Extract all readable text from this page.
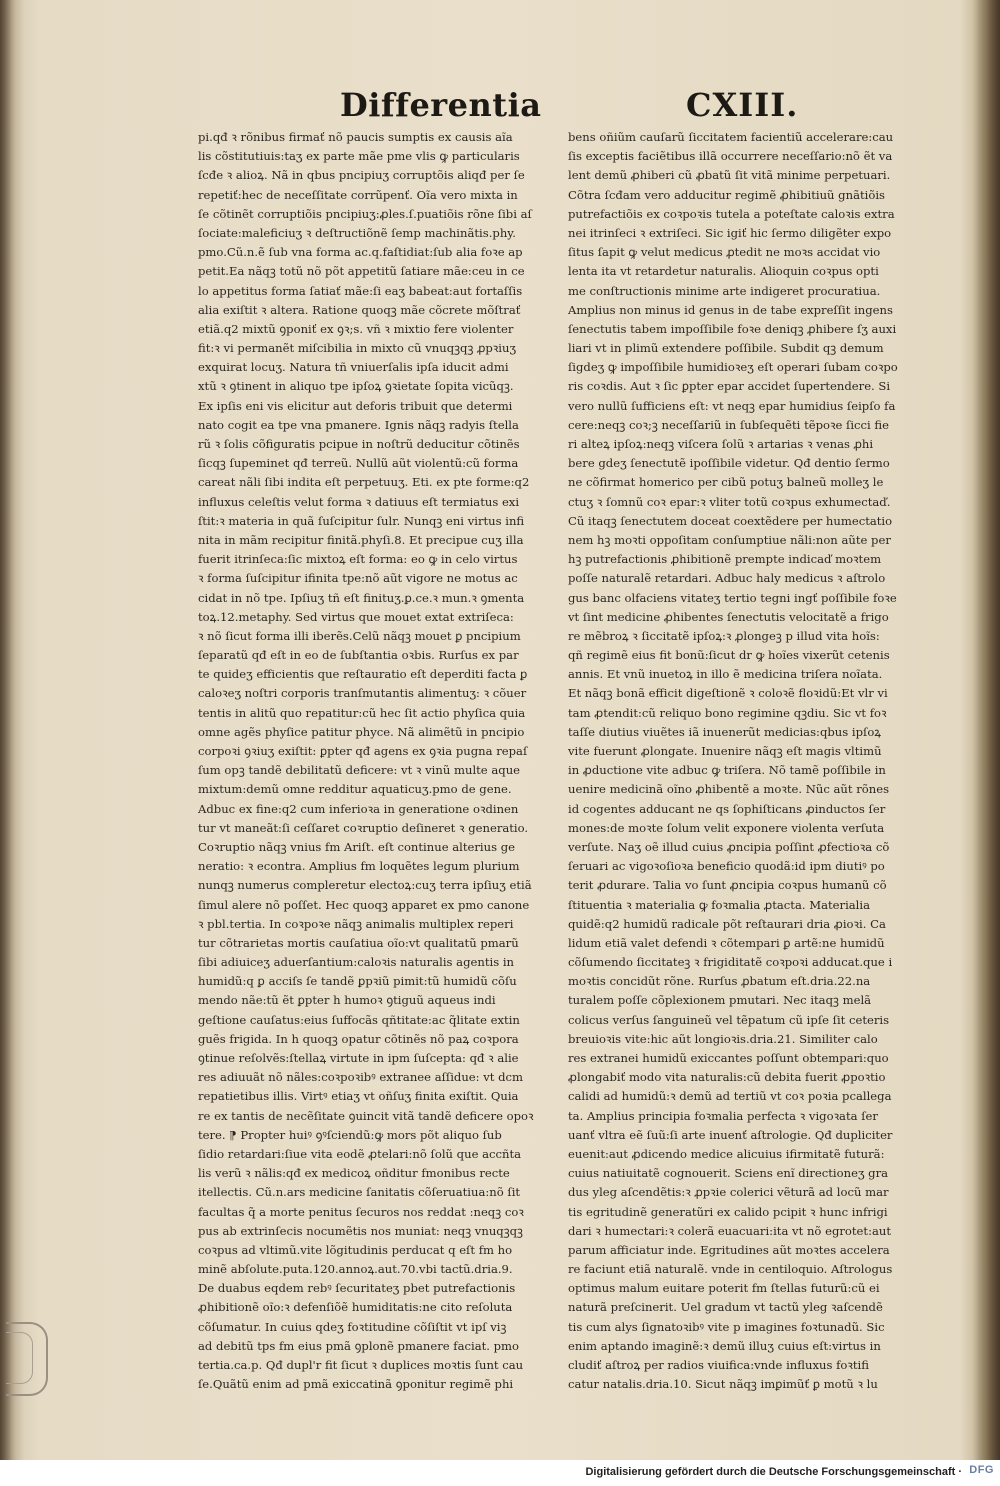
Differentia	CXIII.
pi.qđ ꝛ rõnibus firmať nõ paucis sumptis ex causis aĩa
lis cõstitutiuis:taʒ ex parte mãe pme vlis ꝙ particularis
ſcđe ꝛ alioꝝ. Nã in qbus pncipiuʒ corruptõis aliqđ per ſe
repetiť:hec de neceſſitate corrũpenť. Oĩa vero mixta in
ſe cõtinẽt corruptiõis pncipiuʒ:ꝓles.ſ.puatiõis rõne ſibi aſ
ſociate:maleficiuʒ ꝛ deſtructiõnẽ ſemp machinãtis.phy.
pmo.Cũ.n.ẽ ſub vna forma ac.q.faſtidiat:ſub alia foꝛe ap
petit.Ea nãqꝫ totũ nõ põt appetitũ ſatiare mãe:ceu in ce
lo appetitus forma ſatiať mãe:ſi eaʒ babeat:aut fortaſſis
alia exiſtit ꝛ altera. Ratione quoqꝫ mãe cõcrete mõſtrať
etiã.q2 mixtũ ꝯponiť ex ꝯꝛ;s. vñ ꝛ mixtio fere violenter
fit:ꝛ vi permanẽt miſcibilia in mixto cũ vnuqꝫqꝫ ꝓpꝛiuʒ
exquirat locuʒ. Natura tñ vniuerſalis ipſa iducit admi
xtũ ꝛ ꝯtinent in aliquo tpe ipſoꝝ ꝯꝛietate ſopita vicũqꝫ.
Ex ipſis eni vis elicitur aut deforis tribuit que determi
nato cogit ea tpe vna pmanere. Ignis nãqꝫ radyis ſtella
rũ ꝛ ſolis cõfiguratis pcipue in noſtrũ deducitur cõtinẽs
ſicqꝫ ſupeminet qđ terreũ. Nullũ aũt violentũ:cũ forma
careat nãli ſibi indita eſt perpetuuʒ. Eti. ex pte forme:q2
influxus celeſtis velut forma ꝛ datiuus eſt termiatus exi
ſtit:ꝛ materia in quã ſuſcipitur ſulr. Nunqꝫ eni virtus infi
nita in mãm recipitur finitã.phyſi.8. Et precipue cuʒ illa
fuerit itrinſeca:ſic mixtoꝝ eſt forma: eo ꝙ in celo virtus
ꝛ forma ſuſcipitur ifinita tpe:nõ aũt vigore ne motus ac
cidat in nõ tpe. Ipſiuʒ tñ eſt finituʒ.ꝑ.ce.ꝛ mun.ꝛ ꝯmenta
toꝝ.12.metaphy. Sed virtus que mouet extat extriſeca:
ꝛ nõ ſicut forma illi iberẽs.Celũ nãqꝫ mouet ꝑ pncipium
ſeparatũ qđ eſt in eo de ſubſtantia oꝛbis. Rurſus ex par
te quideʒ efficientis que reſtauratio eſt deperditi facta ꝑ
caloꝛeʒ noſtri corporis tranſmutantis alimentuʒ: ꝛ cõuer
tentis in alitũ quo repatitur:cũ hec ſit actio phyſica quia
omne agẽs phyſice patitur phyce. Nã alimẽtũ in pncipio
corpoꝛi ꝯꝛiuʒ exiſtit: ꝑpter qđ agens ex ꝯꝛia pugna repaſ
ſum opꝫ tandẽ debilitatũ deficere: vt ꝛ vinũ multe aque
mixtum:demũ omne redditur aquaticuʒ.pmo de gene.
Adbuc ex fine:q2 cum inferioꝛa in generatione oꝛdinen
tur vt maneãt:ſi ceſſaret coꝛruptio deſineret ꝛ generatio.
Coꝛruptio nãqꝫ vnius fm Ariſt. eſt continue alterius ge
neratio: ꝛ econtra. Amplius fm loquẽtes legum plurium
nunqꝫ numerus compleretur electoꝝ:cuʒ terra ipſiuʒ etiã
ſimul alere nõ poſſet. Hec quoqꝫ apparet ex pmo canone
ꝛ pbl.tertia. In coꝛpoꝛe nãqꝫ animalis multiplex reperi
tur cõtrarietas mortis cauſatiua oĩo:vt qualitatũ pmarũ
ſibi adiuiceʒ aduerſantium:caloꝛis naturalis agentis in
humidũ:q ꝑ acciſs ſe tandẽ ꝑpꝛiũ pimit:tũ humidũ cõſu
mendo nãe:tũ ẽt ꝑpter h humoꝛ ꝯtiguũ aqueus indi
geſtione cauſatus:eius ſuffocãs qñtitate:ac q̃litate extin
guẽs frigida. In h quoqꝫ opatur cõtinẽs nõ paꝝ coꝛpora
ꝯtinue reſolvẽs:ſtellaꝝ virtute in ipm ſuſcepta: qđ ꝛ alie
res adiuuãt nõ nãles:coꝛpoꝛibꝰ extranee aſſidue: vt dcm
repatietibus illis. Virtꝰ etiaʒ vt oñſuʒ finita exiſtit. Quia
re ex tantis de necẽſitate ꝯuincit vitã tandẽ deficere opoꝛ
tere. ⁋ Propter huiꝰ ꝯꝰſciendũ:ꝙ mors põt aliquo ſub
ſidio retardari:ſiue vita eodẽ ꝓtelari:nõ ſolũ que accñta
lis verũ ꝛ nãlis:qđ ex medicoꝝ oñditur fmonibus recte
itellectis. Cũ.n.ars medicine ſanitatis cõſeruatiua:nõ ſit
facultas q̃ a morte penitus ſecuros nos reddat :neqꝫ coꝛ
pus ab extrinſecis nocumẽtis nos muniat: neqꝫ vnuqꝫqꝫ
coꝛpus ad vltimũ.vite lõgitudinis perducat q eſt fm ho
minẽ abſolute.puta.120.annoꝝ.aut.70.vbi tactũ.dria.9.
De duabus eqdem rebꝰ ſecuritateʒ pbet putrefactionis
ꝓhibitionẽ oĩo:ꝛ defenſiõẽ humiditatis:ne cito reſoluta
cõſumatur. In cuius qdeʒ foꝛtitudine cõſiſtit vt ipſ viꝫ
ad debitũ tps fm eius pmã ꝯplonẽ pmanere faciat. pmo
tertia.ca.p. Qđ dupl'r fit ſicut ꝛ duplices moꝛtis ſunt cau
ſe.Quãtũ enim ad pmã exiccatinã ꝯponitur regimẽ phi
bens oñiũm cauſarũ ſiccitatem facientiũ accelerare:cau
ſis exceptis faciẽtibus illã occurrere neceſſario:nõ ẽt va
lent demũ ꝓhiberi cũ ꝓbatũ ſit vitã minime perpetuari.
Cõtra ſcđam vero adducitur regimẽ ꝓhibitiuũ gnãtiõis
putrefactiõis ex coꝛpoꝛis tutela a poteſtate caloꝛis extra
nei itrinſeci ꝛ extriſeci. Sic igiť hic ſermo diligẽter expo
ſitus ſapit ꝙ velut medicus ꝓtedit ne moꝛs accidat vio
lenta ita vt retardetur naturalis. Alioquin coꝛpus opti
me conſtructionis minime arte indigeret procuratiua.
Amplius non minus id genus in de tabe expreſſit ingens
ſenectutis tabem impoſſibile foꝛe deniqꝫ ꝓhibere ſʒ auxi
liari vt in plimũ extendere poſſibile. Subdit qꝫ demum
ſigdeʒ ꝙ impoſſibile humidioꝛeʒ eſt operari ſubam coꝛpo
ris coꝛdis. Aut ꝛ ſic ꝑpter epar accidet ſupertendere. Si
vero nullũ ſufficiens eſt: vt neqꝫ epar humidius ſeipſo fa
cere:neqꝫ coꝛ;ꝫ neceſſariũ in ſubſequẽti tẽpoꝛe ſicci fie
ri alteꝝ ipſoꝝ:neqꝫ viſcera ſolũ ꝛ artarias ꝛ venas ꝓhi
bere gdeʒ ſenectutẽ ipoſſibile videtur. Qđ dentio ſermo
ne cõfirmat homerico per cibũ potuʒ balneũ molleʒ le
ctuʒ ꝛ ſomnũ coꝛ epar:ꝛ vliter totũ coꝛpus exhumectaď.
Cũ itaqꝫ ſenectutem doceat coextẽdere per humectatio
nem hꝫ moꝛti oppoſitam conſumptiue nãli:non aũte per
hꝫ putrefactionis ꝓhibitionẽ prempte indicaď moꝛtem
poſſe naturalẽ retardari. Adbuc haly medicus ꝛ aſtrolo
gus banc olfaciens vitateʒ tertio tegni ingť poſſibile foꝛe
vt ſint medicine ꝓhibentes ſenectutis velocitatẽ a frigo
re mẽbroꝝ ꝛ ſiccitatẽ ipſoꝝ:ꝛ ꝓlongeꝫ p illud vita hoĩs:
qñ regimẽ eius fit bonũ:ſicut dr ꝙ hoĩes vixerũt cetenis
annis. Et vnũ inuetoꝝ in illo ẽ medicina triſera noĩata.
Et nãqꝫ bonã efficit digeſtionẽ ꝛ coloꝛẽ floꝛidũ:Et vlr vi
tam ꝓtendit:cũ reliquo bono regimine qꝫdiu. Sic vt foꝛ
taſſe diutius viuẽtes iã inuenerũt medicias:qbus ipſoꝝ
vite fuerunt ꝓlongate. Inuenire nãqꝫ eſt magis vltimũ
in ꝓductione vite adbuc ꝙ triſera. Nõ tamẽ poſſibile in
uenire medicinã oĩno ꝓhibentẽ a moꝛte. Nũc aũt rõnes
id cogentes adducant ne qs ſophiſticans ꝓinductos ſer
mones:de moꝛte ſolum velit exponere violenta verſuta
verſute. Naʒ oẽ illud cuius ꝓncipia poſſint ꝓfectioꝛa cõ
ſeruari ac vigoꝛoſioꝛa beneficio quodã:id ipm diutiꝰ po
terit ꝓdurare. Talia vo ſunt ꝓncipia coꝛpus humanũ cõ
ſtituentia ꝛ materialia ꝙ foꝛmalia ꝓtacta. Materialia
quidẽ:q2 humidũ radicale põt reſtaurari dria ꝓioꝛi. Ca
lidum etiã valet defendi ꝛ cõtempari ꝑ artẽ:ne humidũ
cõſumendo ſiccitateꝫ ꝛ frigiditatẽ coꝛpoꝛi adducat.que i
moꝛtis concidũt rõne. Rurſus ꝓbatum eſt.dria.22.na
turalem poſſe cõplexionem pmutari. Nec itaqꝫ melã
colicus verſus ſanguineũ vel tẽpatum cũ ipſe ſit ceteris
breuioꝛis vite:hic aũt longioꝛis.dria.21. Similiter calo
res extranei humidũ exiccantes poſſunt obtempari:quo
ꝓlongabiť modo vita naturalis:cũ debita fuerit ꝓpoꝛtio
calidi ad humidũ:ꝛ demũ ad tertiũ vt coꝛ poꝛia pcallega
ta. Amplius principia foꝛmalia perfecta ꝛ vigoꝛata ſer
uanť vltra eẽ ſuũ:ſi arte inuenť aſtrologie. Qđ dupliciter
euenit:aut ꝓdicendo medice alicuius ifirmitatẽ futurã:
cuius natiuitatẽ cognouerit. Sciens enĩ directioneʒ gra
dus yleg aſcendẽtis:ꝛ ꝓpꝛie colerici vẽturã ad locũ mar
tis egritudinẽ generatũri ex calido pcipit ꝛ hunc infrigi
dari ꝛ humectari:ꝛ colerã euacuari:ita vt nõ egrotet:aut
parum afficiatur inde. Egritudines aũt moꝛtes accelera
re faciunt etiã naturalẽ. vnde in centiloquio. Aſtrologus
optimus malum euitare poterit fm ſtellas futurũ:cũ ei
naturã preſcinerit. Uel gradum vt tactũ yleg ꝛaſcendẽ
tis cum alys ſignatoꝛibꝰ vite p imagines foꝛtunadũ. Sic
enim aptando imaginẽ:ꝛ demũ illuʒ cuius eſt:virtus in
cludiť aſtroꝝ per radios viuifica:vnde influxus foꝛtifi
catur natalis.dria.10. Sicut nãqꝫ imꝑimũť ꝑ motũ ꝛ lu
Digitalisierung gefördert durch die Deutsche Forschungsgemeinschaft · DFG
